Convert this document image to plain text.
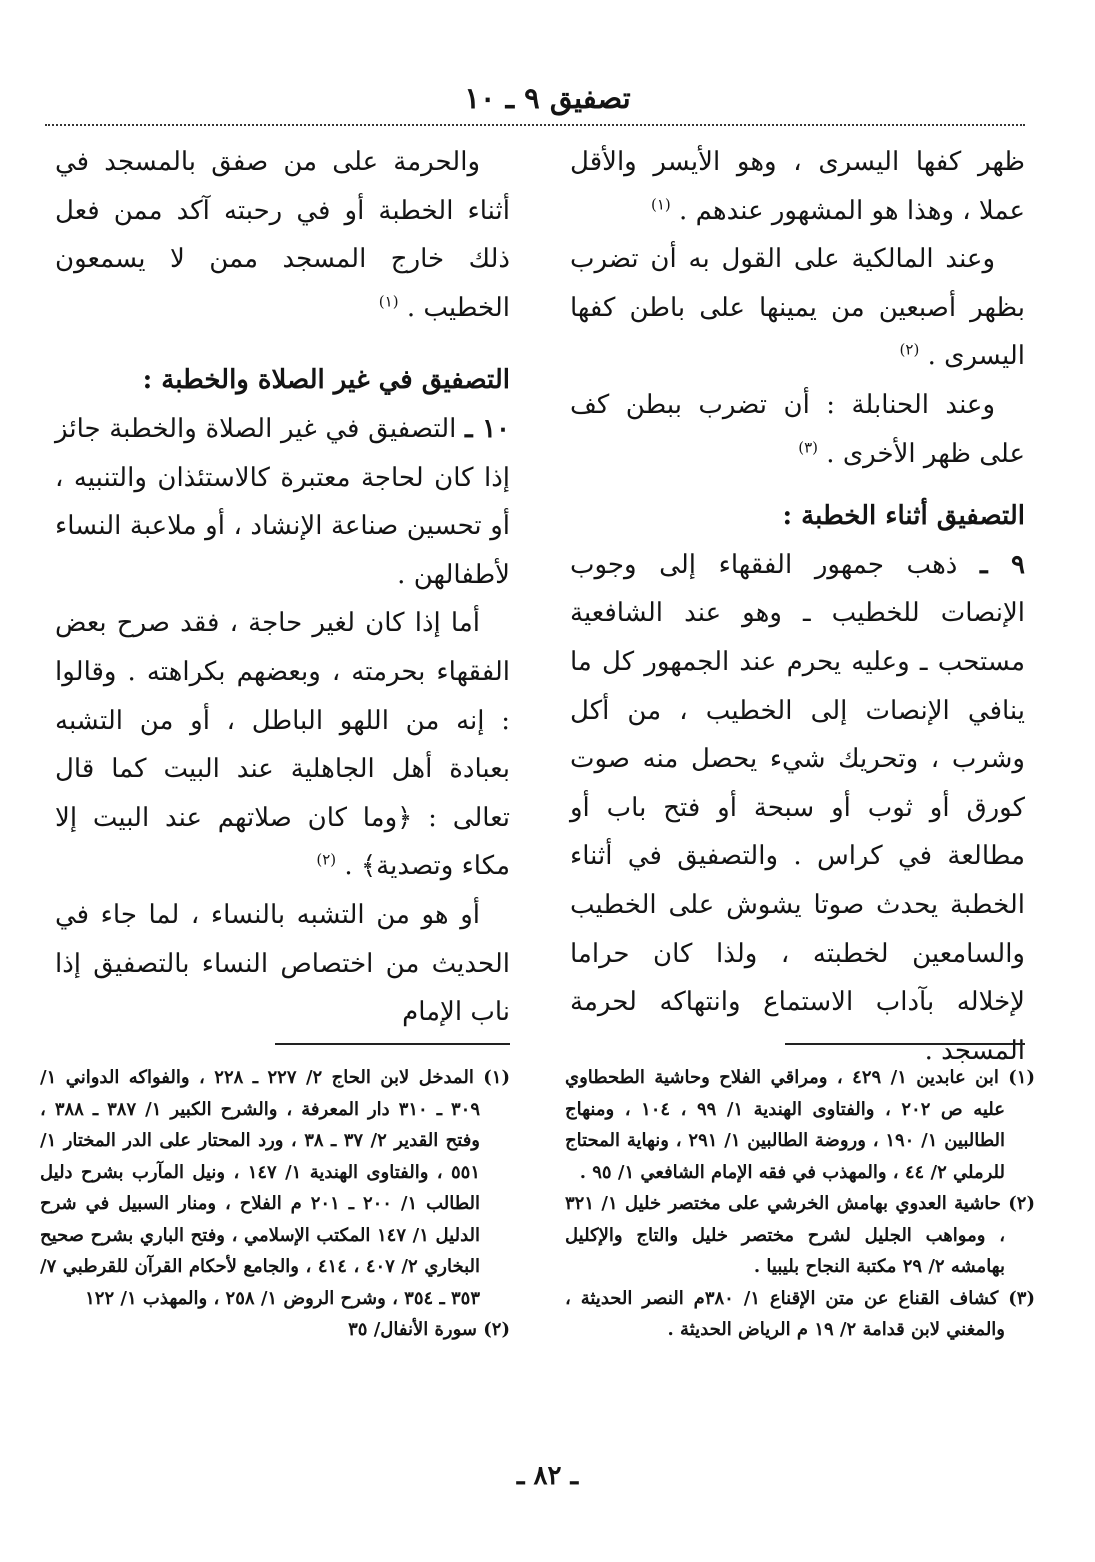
تصفيق ٩ ـ ١٠

ظهر كفها اليسرى ، وهو الأيسر والأقل عملا ، وهذا هو المشهور عندهم . $^{(١)}$

وعند المالكية على القول به أن تضرب بظهر أصبعين من يمينها على باطن كفها اليسرى . $^{(٢)}$

وعند الحنابلة : أن تضرب ببطن كف على ظهر الأخرى . $^{(٣)}$

التصفيق أثناء الخطبة :

٩ ـ ذهب جمهور الفقهاء إلى وجوب الإنصات للخطيب ـ وهو عند الشافعية مستحب ـ وعليه يحرم عند الجمهور كل ما ينافي الإنصات إلى الخطيب ، من أكل وشرب ، وتحريك شيء يحصل منه صوت كورق أو ثوب أو سبحة أو فتح باب أو مطالعة في كراس . والتصفيق في أثناء الخطبة يحدث صوتا يشوش على الخطيب والسامعين لخطبته ، ولذا كان حراما لإخلاله بآداب الاستماع وانتهاكه لحرمة المسجد .

والحرمة على من صفق بالمسجد في أثناء الخطبة أو في رحبته آكد ممن فعل ذلك خارج المسجد ممن لا يسمعون الخطيب . $^{(١)}$

التصفيق في غير الصلاة والخطبة :

١٠ ـ التصفيق في غير الصلاة والخطبة جائز إذا كان لحاجة معتبرة كالاستئذان والتنبيه ، أو تحسين صناعة الإنشاد ، أو ملاعبة النساء لأطفالهن .

أما إذا كان لغير حاجة ، فقد صرح بعض الفقهاء بحرمته ، وبعضهم بكراهته . وقالوا : إنه من اللهو الباطل ، أو من التشبه بعبادة أهل الجاهلية عند البيت كما قال تعالى : ﴿وما كان صلاتهم عند البيت إلا مكاء وتصدية﴾ . $^{(٢)}$

أو هو من التشبه بالنساء ، لما جاء في الحديث من اختصاص النساء بالتصفيق إذا ناب الإمام

(١) ابن عابدين ١/ ٤٢٩ ، ومراقي الفلاح وحاشية الطحطاوي عليه ص ٢٠٢ ، والفتاوى الهندية ١/ ٩٩ ، ١٠٤ ، ومنهاج الطالبين ١/ ١٩٠ ، وروضة الطالبين ١/ ٢٩١ ، ونهاية المحتاج للرملي ٢/ ٤٤ ، والمهذب في فقه الإمام الشافعي ١/ ٩٥ .

(٢) حاشية العدوي بهامش الخرشي على مختصر خليل ١/ ٣٢١ ، ومواهب الجليل لشرح مختصر خليل والتاج والإكليل بهامشه ٢/ ٢٩ مكتبة النجاح بليبيا .

(٣) كشاف القناع عن متن الإقناع ١/ ٣٨٠م النصر الحديثة ، والمغني لابن قدامة ٢/ ١٩ م الرياض الحديثة .

(١) المدخل لابن الحاج ٢/ ٢٢٧ ـ ٢٢٨ ، والفواكه الدواني ١/ ٣٠٩ ـ ٣١٠ دار المعرفة ، والشرح الكبير ١/ ٣٨٧ ـ ٣٨٨ ، وفتح القدير ٢/ ٣٧ ـ ٣٨ ، ورد المحتار على الدر المختار ١/ ٥٥١ ، والفتاوى الهندية ١/ ١٤٧ ، ونيل المآرب بشرح دليل الطالب ١/ ٢٠٠ ـ ٢٠١ م الفلاح ، ومنار السبيل في شرح الدليل ١/ ١٤٧ المكتب الإسلامي ، وفتح الباري بشرح صحيح البخاري ٢/ ٤٠٧ ، ٤١٤ ، والجامع لأحكام القرآن للقرطبي ٧/ ٣٥٣ ـ ٣٥٤ ، وشرح الروض ١/ ٢٥٨ ، والمهذب ١/ ١٢٢

(٢) سورة الأنفال/ ٣٥

ـ ٨٢ ـ
